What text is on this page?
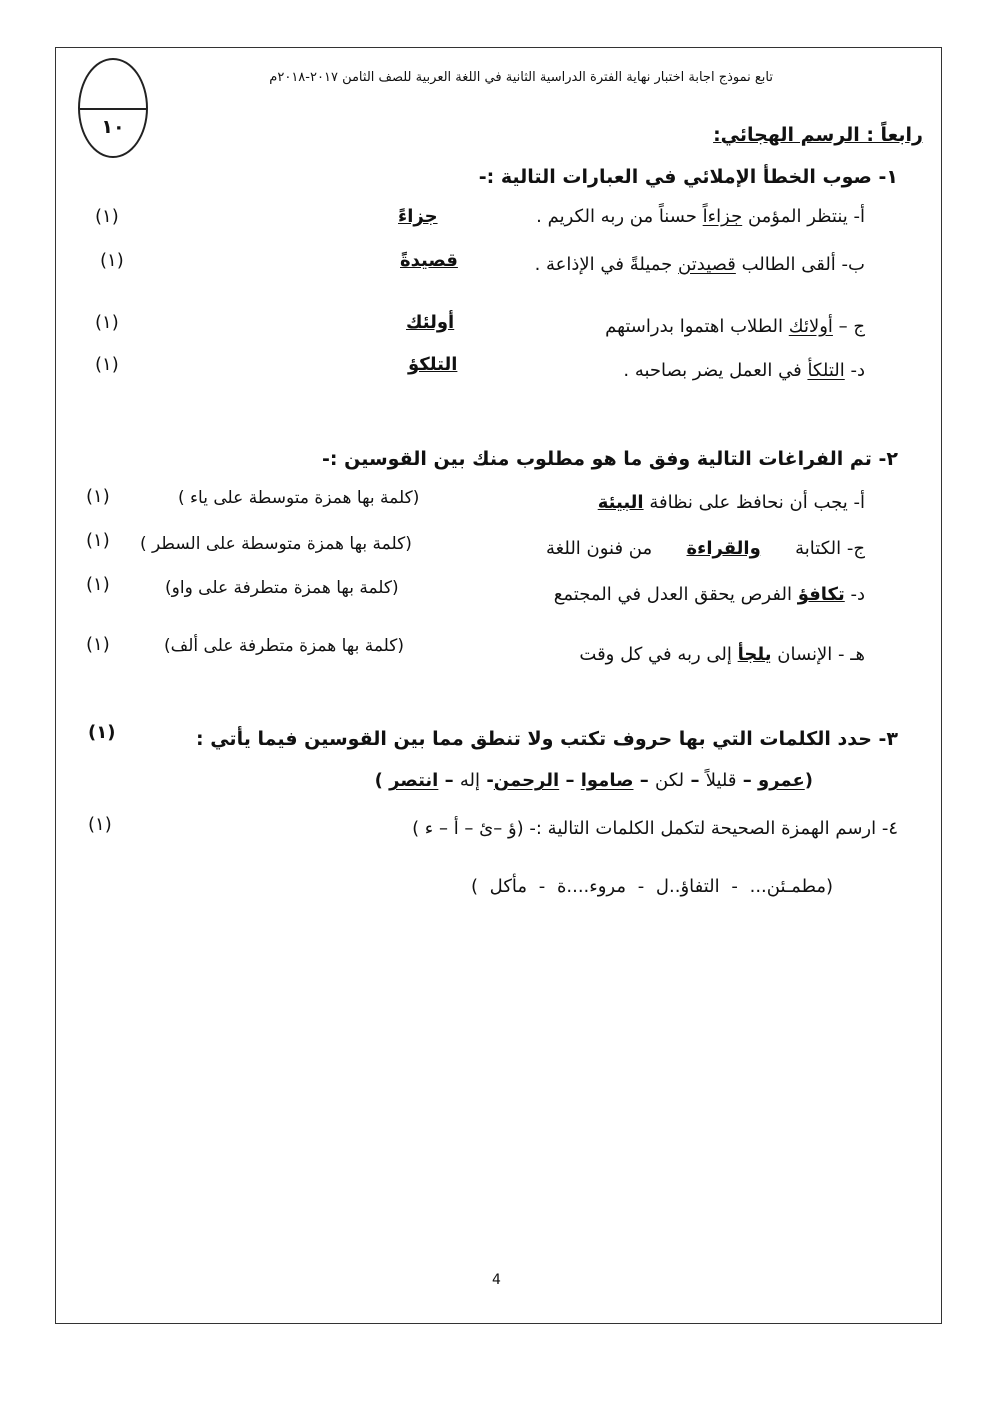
١٠
تابع نموذج اجابة اختبار نهاية الفترة الدراسية الثانية في اللغة العربية للصف الثامن ٢٠١٧-٢٠١٨م
رابعاً : الرسم الهجائي:
١- صوب الخطأ الإملائي في العبارات التالية :-
أ- ينتظر المؤمن جزاءاً حسناً من ربه الكريم .
جزاءً
(١)
ب- ألقى الطالب قصيدتن جميلةً في الإذاعة .
قصيدةً
(١)
ج – أولائك الطلاب اهتموا بدراستهم
أولئك
(١)
د- التلكأ في العمل يضر بصاحبه .
التلكؤ
(١)
٢- تم الفراغات التالية وفق ما هو مطلوب منك بين القوسين :-
أ- يجب أن نحافظ على نظافة البيئة
(كلمة بها همزة متوسطة على ياء )
(١)
ج- الكتابة      والقراءة      من فنون اللغة
(كلمة بها همزة متوسطة على السطر )
(١)
د- تكافؤ الفرص يحقق العدل في المجتمع
(كلمة بها همزة متطرفة على واو)
(١)
هـ - الإنسان يلجأ إلى ربه في كل وقت
(كلمة بها همزة متطرفة على ألف)
(١)
٣- حدد الكلمات التي بها حروف تكتب ولا تنطق مما بين القوسين فيما يأتي :
(١)
(عمرو – قليلاً – لكن – صاموا – الرحمن- إله – انتصر )
٤- ارسم الهمزة الصحيحة لتكمل الكلمات التالية :- (ؤ –ئ – أ – ء )
(١)
(مطمـئن... - التفاؤ..ل - مروء....ة - مأكل )
4
